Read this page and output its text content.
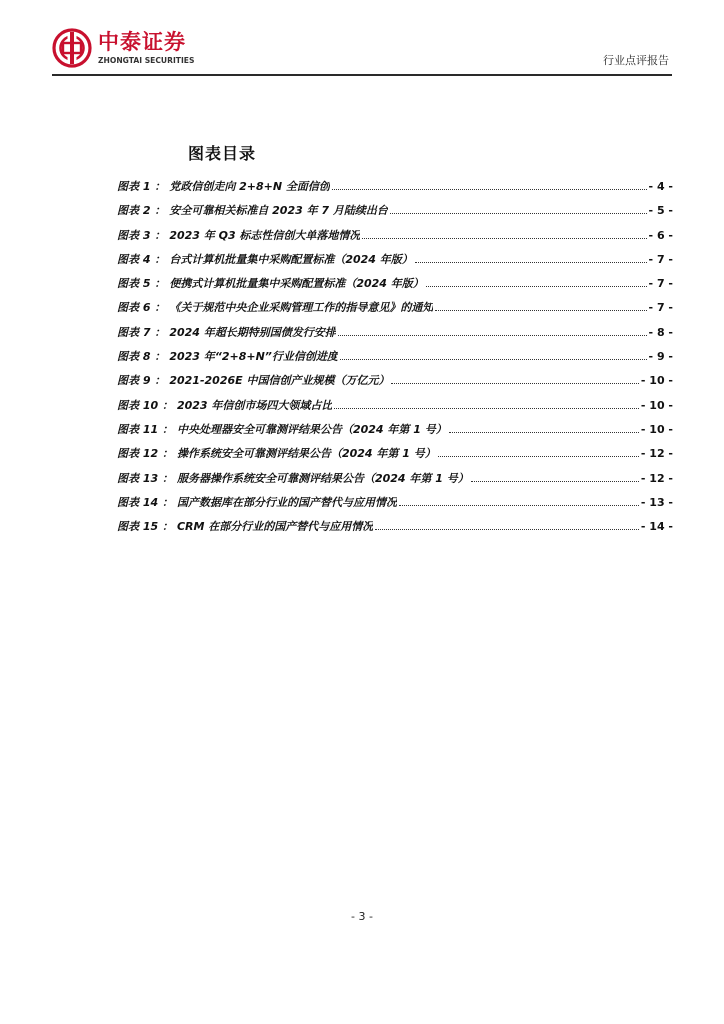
中泰证券
ZHONGTAI SECURITIES	行业点评报告
图表目录
图表 1 ： 党政信创走向 2+8+N 全面信创	- 4 -
图表 2 ： 安全可靠相关标准自 2023 年 7 月陆续出台	- 5 -
图表 3 ： 2023 年 Q3 标志性信创大单落地情况	- 6 -
图表 4 ： 台式计算机批量集中采购配置标准（2024 年版）	- 7 -
图表 5 ： 便携式计算机批量集中采购配置标准（2024 年版）	- 7 -
图表 6 ： 《关于规范中央企业采购管理工作的指导意见》的通知	- 7 -
图表 7 ： 2024 年超长期特别国债发行安排	- 8 -
图表 8 ： 2023 年“2+8+N”行业信创进度	- 9 -
图表 9 ： 2021-2026E 中国信创产业规模（万亿元）	- 10 -
图表 10 ： 2023 年信创市场四大领域占比	- 10 -
图表 11 ： 中央处理器安全可靠测评结果公告（2024 年第 1 号）	- 10 -
图表 12 ： 操作系统安全可靠测评结果公告（2024 年第 1 号）	- 12 -
图表 13 ： 服务器操作系统安全可靠测评结果公告（2024 年第 1 号）	- 12 -
图表 14 ： 国产数据库在部分行业的国产替代与应用情况	- 13 -
图表 15 ： CRM 在部分行业的国产替代与应用情况	- 14 -
- 3 -
